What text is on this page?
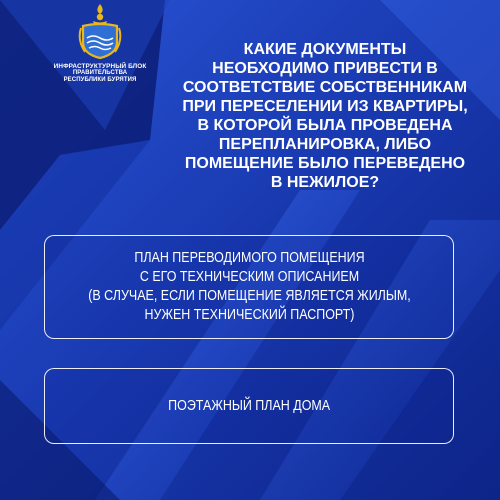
ИНФРАСТРУКТУРНЫЙ БЛОК
ПРАВИТЕЛЬСТВА
РЕСПУБЛИКИ БУРЯТИЯ
КАКИЕ ДОКУМЕНТЫ
НЕОБХОДИМО ПРИВЕСТИ В
СООТВЕТСТВИЕ СОБСТВЕННИКАМ
ПРИ ПЕРЕСЕЛЕНИИ ИЗ КВАРТИРЫ,
В КОТОРОЙ БЫЛА ПРОВЕДЕНА
ПЕРЕПЛАНИРОВКА, ЛИБО
ПОМЕЩЕНИЕ БЫЛО ПЕРЕВЕДЕНО
В НЕЖИЛОЕ?
ПЛАН ПЕРЕВОДИМОГО ПОМЕЩЕНИЯ
С ЕГО ТЕХНИЧЕСКИМ ОПИСАНИЕМ
(В СЛУЧАЕ, ЕСЛИ ПОМЕЩЕНИЕ ЯВЛЯЕТСЯ ЖИЛЫМ,
НУЖЕН ТЕХНИЧЕСКИЙ ПАСПОРТ)
ПОЭТАЖНЫЙ ПЛАН ДОМА
